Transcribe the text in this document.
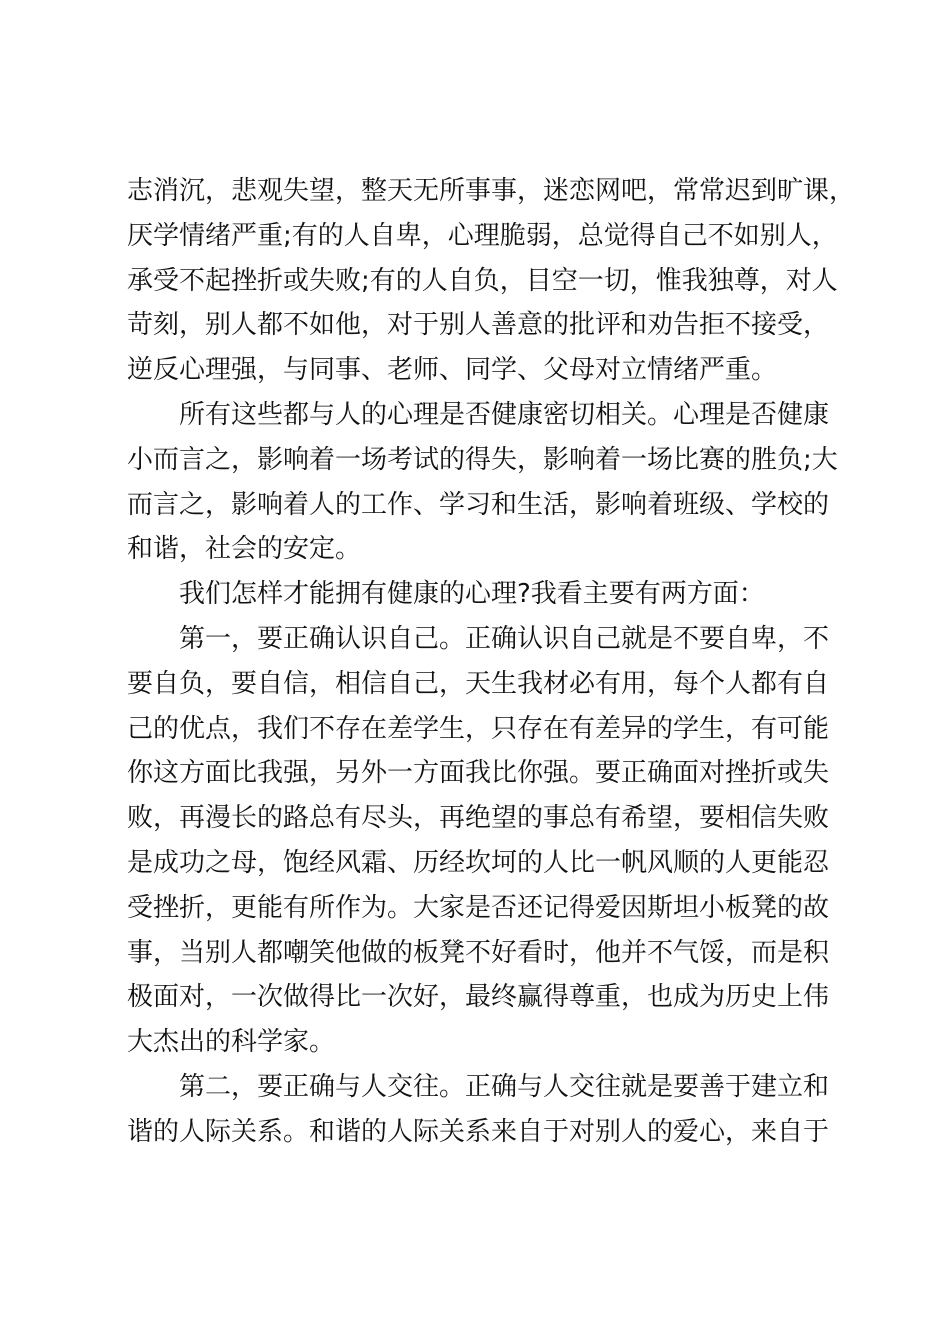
志消沉，悲观失望，整天无所事事，迷恋网吧，常常迟到旷课，
厌学情绪严重;有的人自卑，心理脆弱，总觉得自己不如别人，
承受不起挫折或失败;有的人自负，目空一切，惟我独尊，对人
苛刻，别人都不如他，对于别人善意的批评和劝告拒不接受，
逆反心理强，与同事、老师、同学、父母对立情绪严重。
所有这些都与人的心理是否健康密切相关。心理是否健康
小而言之，影响着一场考试的得失，影响着一场比赛的胜负;大
而言之，影响着人的工作、学习和生活，影响着班级、学校的
和谐，社会的安定。
我们怎样才能拥有健康的心理?我看主要有两方面：
第一，要正确认识自己。正确认识自己就是不要自卑，不
要自负，要自信，相信自己，天生我材必有用，每个人都有自
己的优点，我们不存在差学生，只存在有差异的学生，有可能
你这方面比我强，另外一方面我比你强。要正确面对挫折或失
败，再漫长的路总有尽头，再绝望的事总有希望，要相信失败
是成功之母，饱经风霜、历经坎坷的人比一帆风顺的人更能忍
受挫折，更能有所作为。大家是否还记得爱因斯坦小板凳的故
事，当别人都嘲笑他做的板凳不好看时，他并不气馁，而是积
极面对，一次做得比一次好，最终赢得尊重，也成为历史上伟
大杰出的科学家。
第二，要正确与人交往。正确与人交往就是要善于建立和
谐的人际关系。和谐的人际关系来自于对别人的爱心，来自于
